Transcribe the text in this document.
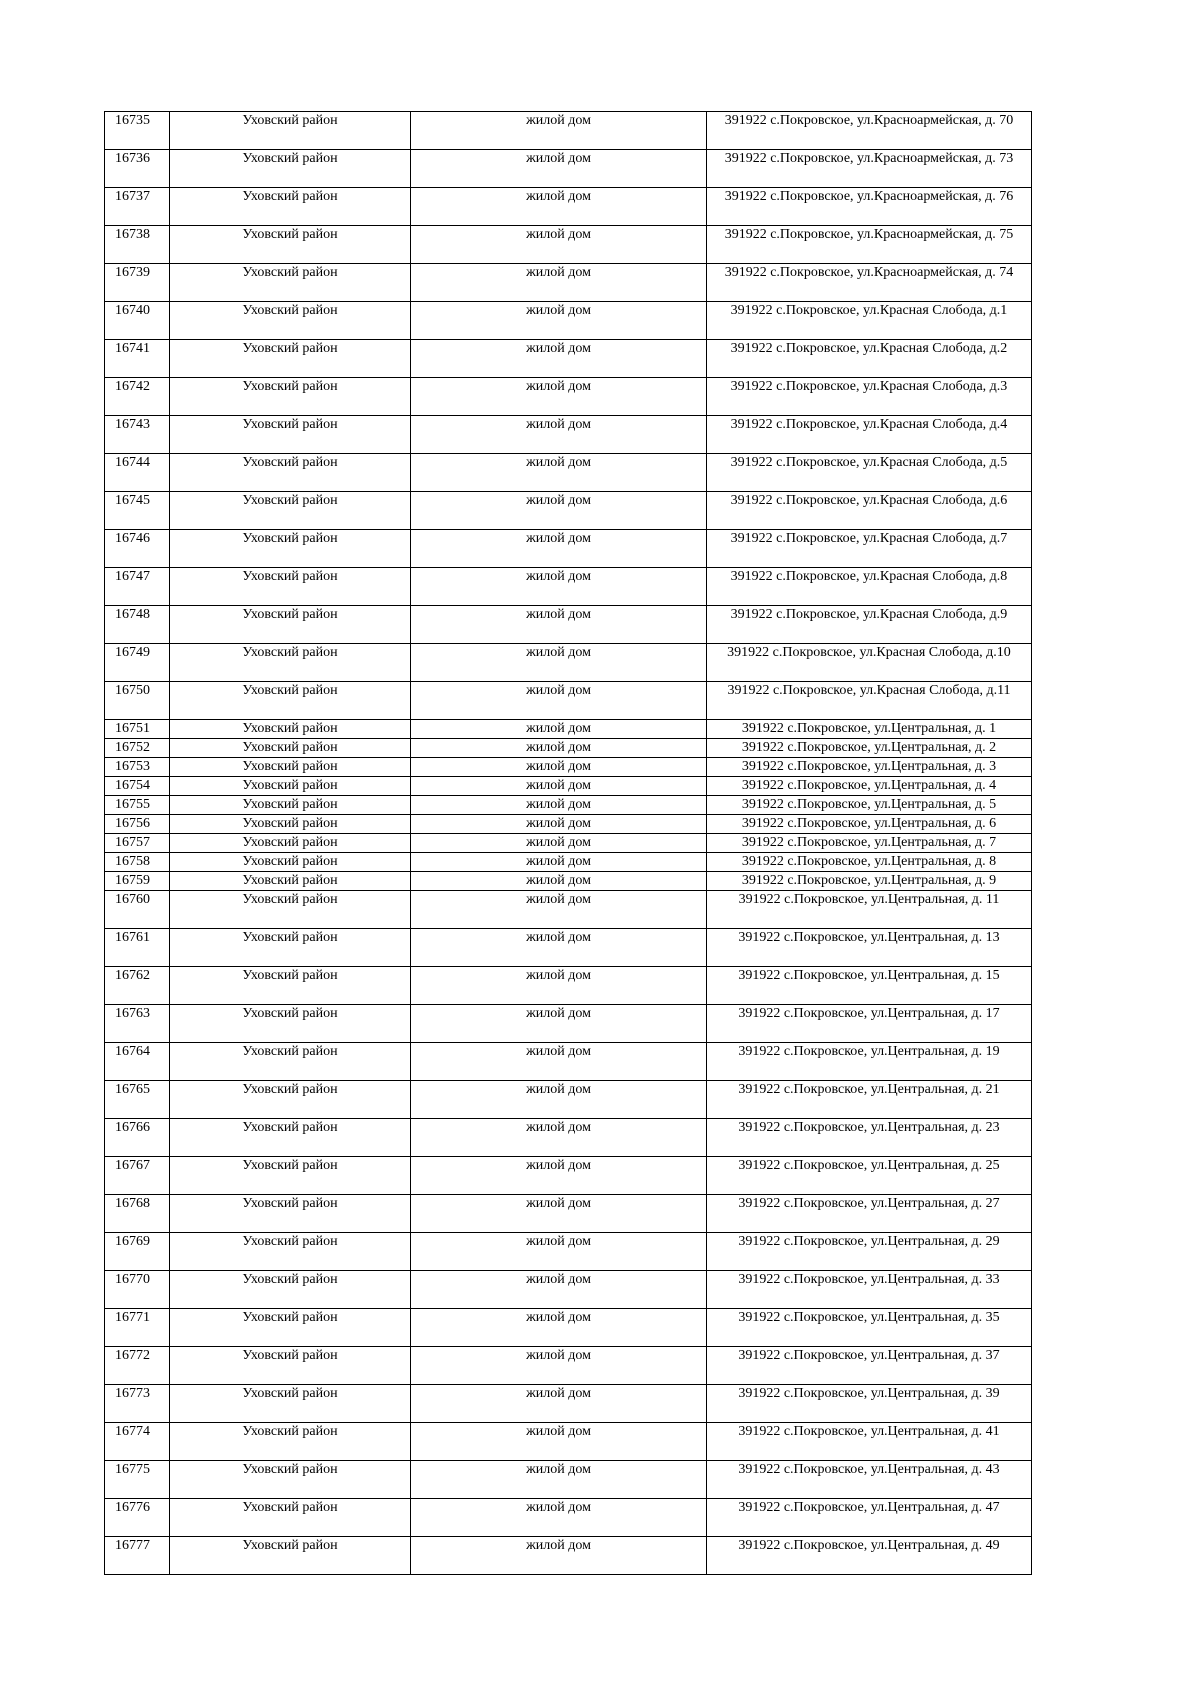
16735	Уховский район	жилой дом	391922 с.Покровское, ул.Красноармейская, д. 70
16736	Уховский район	жилой дом	391922 с.Покровское, ул.Красноармейская, д. 73
16737	Уховский район	жилой дом	391922 с.Покровское, ул.Красноармейская, д. 76
16738	Уховский район	жилой дом	391922 с.Покровское, ул.Красноармейская, д. 75
16739	Уховский район	жилой дом	391922 с.Покровское, ул.Красноармейская, д. 74
16740	Уховский район	жилой дом	391922 с.Покровское, ул.Красная Слобода, д.1
16741	Уховский район	жилой дом	391922 с.Покровское, ул.Красная Слобода, д.2
16742	Уховский район	жилой дом	391922 с.Покровское, ул.Красная Слобода, д.3
16743	Уховский район	жилой дом	391922 с.Покровское, ул.Красная Слобода, д.4
16744	Уховский район	жилой дом	391922 с.Покровское, ул.Красная Слобода, д.5
16745	Уховский район	жилой дом	391922 с.Покровское, ул.Красная Слобода, д.6
16746	Уховский район	жилой дом	391922 с.Покровское, ул.Красная Слобода, д.7
16747	Уховский район	жилой дом	391922 с.Покровское, ул.Красная Слобода, д.8
16748	Уховский район	жилой дом	391922 с.Покровское, ул.Красная Слобода, д.9
16749	Уховский район	жилой дом	391922 с.Покровское, ул.Красная Слобода, д.10
16750	Уховский район	жилой дом	391922 с.Покровское, ул.Красная Слобода, д.11
16751	Уховский район	жилой дом	391922 с.Покровское, ул.Центральная, д. 1
16752	Уховский район	жилой дом	391922 с.Покровское, ул.Центральная, д. 2
16753	Уховский район	жилой дом	391922 с.Покровское, ул.Центральная, д. 3
16754	Уховский район	жилой дом	391922 с.Покровское, ул.Центральная, д. 4
16755	Уховский район	жилой дом	391922 с.Покровское, ул.Центральная, д. 5
16756	Уховский район	жилой дом	391922 с.Покровское, ул.Центральная, д. 6
16757	Уховский район	жилой дом	391922 с.Покровское, ул.Центральная, д. 7
16758	Уховский район	жилой дом	391922 с.Покровское, ул.Центральная, д. 8
16759	Уховский район	жилой дом	391922 с.Покровское, ул.Центральная, д. 9
16760	Уховский район	жилой дом	391922 с.Покровское, ул.Центральная, д. 11
16761	Уховский район	жилой дом	391922 с.Покровское, ул.Центральная, д. 13
16762	Уховский район	жилой дом	391922 с.Покровское, ул.Центральная, д. 15
16763	Уховский район	жилой дом	391922 с.Покровское, ул.Центральная, д. 17
16764	Уховский район	жилой дом	391922 с.Покровское, ул.Центральная, д. 19
16765	Уховский район	жилой дом	391922 с.Покровское, ул.Центральная, д. 21
16766	Уховский район	жилой дом	391922 с.Покровское, ул.Центральная, д. 23
16767	Уховский район	жилой дом	391922 с.Покровское, ул.Центральная, д. 25
16768	Уховский район	жилой дом	391922 с.Покровское, ул.Центральная, д. 27
16769	Уховский район	жилой дом	391922 с.Покровское, ул.Центральная, д. 29
16770	Уховский район	жилой дом	391922 с.Покровское, ул.Центральная, д. 33
16771	Уховский район	жилой дом	391922 с.Покровское, ул.Центральная, д. 35
16772	Уховский район	жилой дом	391922 с.Покровское, ул.Центральная, д. 37
16773	Уховский район	жилой дом	391922 с.Покровское, ул.Центральная, д. 39
16774	Уховский район	жилой дом	391922 с.Покровское, ул.Центральная, д. 41
16775	Уховский район	жилой дом	391922 с.Покровское, ул.Центральная, д. 43
16776	Уховский район	жилой дом	391922 с.Покровское, ул.Центральная, д. 47
16777	Уховский район	жилой дом	391922 с.Покровское, ул.Центральная, д. 49
